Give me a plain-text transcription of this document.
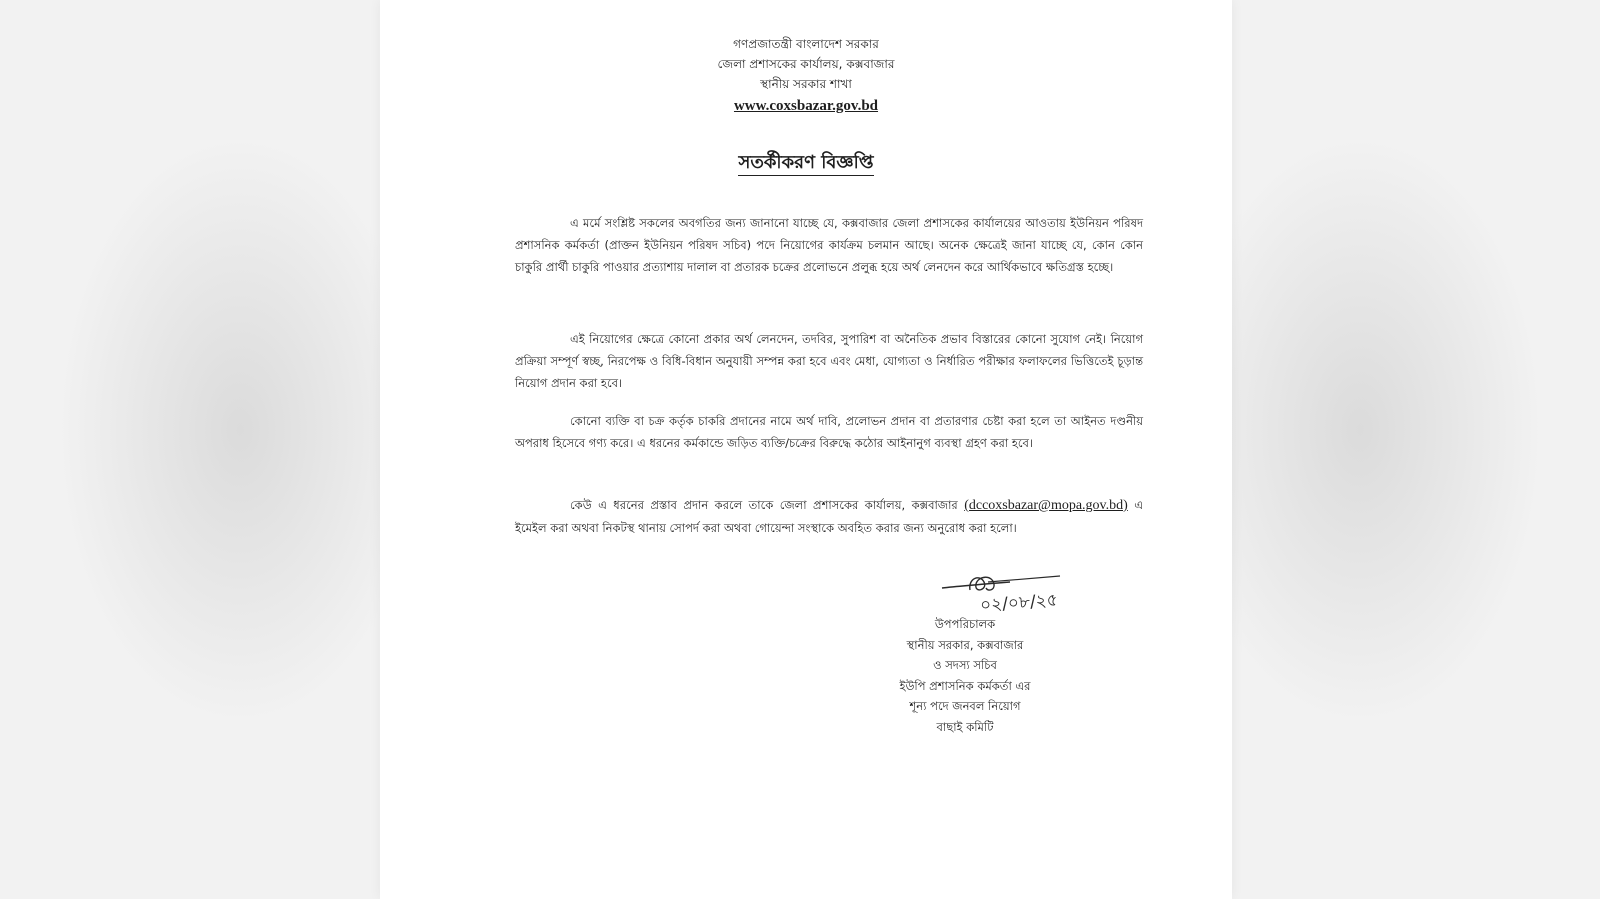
গণপ্রজাতন্ত্রী বাংলাদেশ সরকার
জেলা প্রশাসকের কার্যালয়, কক্সবাজার
স্থানীয় সরকার শাখা
www.coxsbazar.gov.bd
সতর্কীকরণ বিজ্ঞপ্তি

এ মর্মে সংশ্লিষ্ট সকলের অবগতির জন্য জানানো যাচ্ছে যে, কক্সবাজার জেলা প্রশাসকের কার্যালয়ের আওতায় ইউনিয়ন পরিষদ প্রশাসনিক কর্মকর্তা (প্রাক্তন ইউনিয়ন পরিষদ সচিব) পদে নিয়োগের কার্যক্রম চলমান আছে। অনেক ক্ষেত্রেই জানা যাচ্ছে যে, কোন কোন চাকুরি প্রার্থী চাকুরি পাওয়ার প্রত্যাশায় দালাল বা প্রতারক চক্রের প্রলোভনে প্রলুব্ধ হয়ে অর্থ লেনদেন করে আর্থিকভাবে ক্ষতিগ্রস্ত হচ্ছে।

এই নিয়োগের ক্ষেত্রে কোনো প্রকার অর্থ লেনদেন, তদবির, সুপারিশ বা অনৈতিক প্রভাব বিস্তারের কোনো সুযোগ নেই। নিয়োগ প্রক্রিয়া সম্পূর্ণ স্বচ্ছ, নিরপেক্ষ ও বিধি-বিধান অনুযায়ী সম্পন্ন করা হবে এবং মেধা, যোগ্যতা ও নির্ধারিত পরীক্ষার ফলাফলের ভিত্তিতেই চূড়ান্ত নিয়োগ প্রদান করা হবে।

কোনো ব্যক্তি বা চক্র কর্তৃক চাকরি প্রদানের নামে অর্থ দাবি, প্রলোভন প্রদান বা প্রতারণার চেষ্টা করা হলে তা আইনত দণ্ডনীয় অপরাধ হিসেবে গণ্য করে। এ ধরনের কর্মকান্ডে জড়িত ব্যক্তি/চক্রের বিরুদ্ধে কঠোর আইনানুগ ব্যবস্থা গ্রহণ করা হবে।

কেউ এ ধরনের প্রস্তাব প্রদান করলে তাকে জেলা প্রশাসকের কার্যালয়, কক্সবাজার (dccoxsbazar@mopa.gov.bd) এ ইমেইল করা অথবা নিকটস্থ থানায় সোপর্দ করা অথবা গোয়েন্দা সংস্থাকে অবহিত করার জন্য অনুরোধ করা হলো।

০২/০৮/২৫
উপপরিচালক
স্থানীয় সরকার, কক্সবাজার
ও সদস্য সচিব
ইউপি প্রশাসনিক কর্মকর্তা এর
শূন্য পদে জনবল নিয়োগ
বাছাই কমিটি
